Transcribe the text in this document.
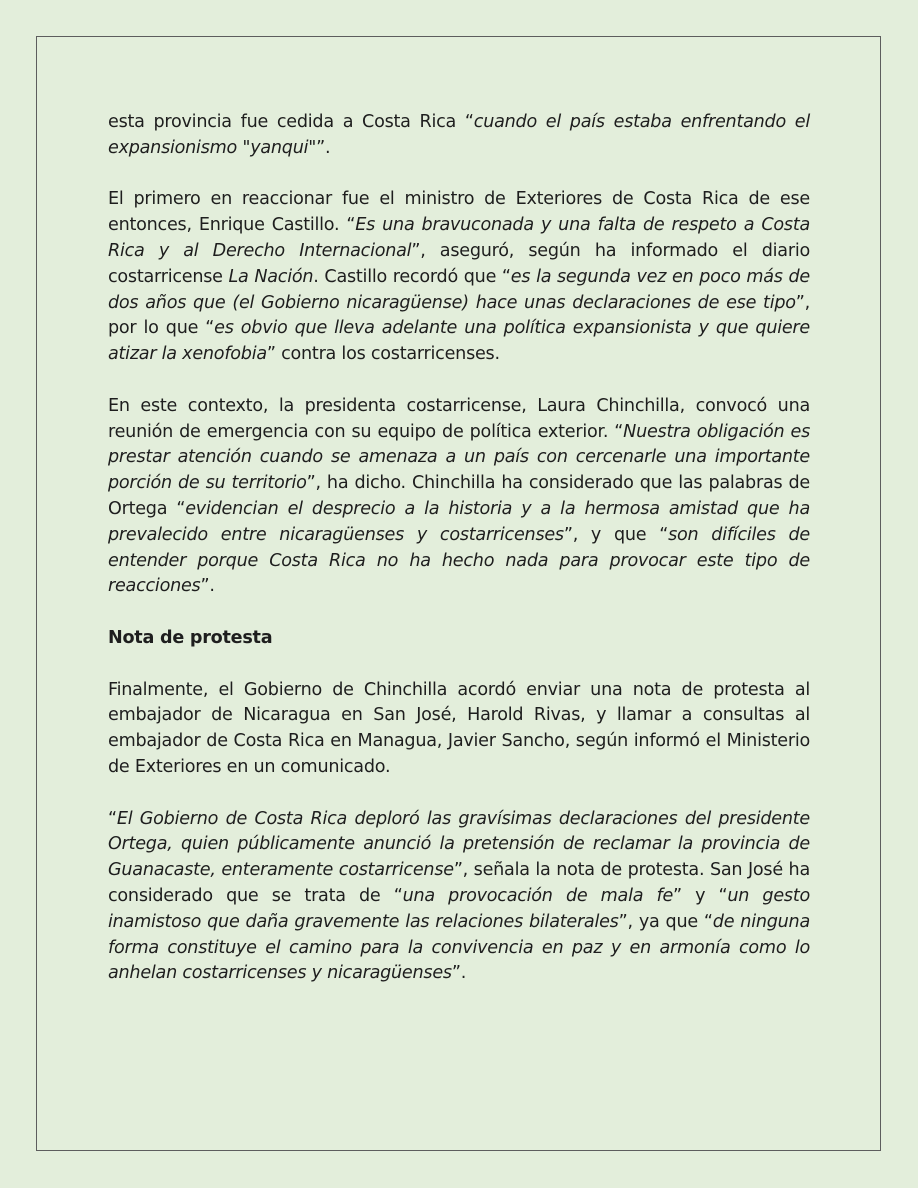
esta provincia fue cedida a Costa Rica “cuando el país estaba enfrentando el expansionismo "yanqui"”.

El primero en reaccionar fue el ministro de Exteriores de Costa Rica de ese entonces, Enrique Castillo. “Es una bravuconada y una falta de respeto a Costa Rica y al Derecho Internacional”, aseguró, según ha informado el diario costarricense La Nación. Castillo recordó que “es la segunda vez en poco más de dos años que (el Gobierno nicaragüense) hace unas declaraciones de ese tipo”, por lo que “es obvio que lleva adelante una política expansionista y que quiere atizar la xenofobia” contra los costarricenses.

En este contexto, la presidenta costarricense, Laura Chinchilla, convocó una reunión de emergencia con su equipo de política exterior. “Nuestra obligación es prestar atención cuando se amenaza a un país con cercenarle una importante porción de su territorio”, ha dicho. Chinchilla ha considerado que las palabras de Ortega “evidencian el desprecio a la historia y a la hermosa amistad que ha prevalecido entre nicaragüenses y costarricenses”, y que “son difíciles de entender porque Costa Rica no ha hecho nada para provocar este tipo de reacciones”.

Nota de protesta

Finalmente, el Gobierno de Chinchilla acordó enviar una nota de protesta al embajador de Nicaragua en San José, Harold Rivas, y llamar a consultas al embajador de Costa Rica en Managua, Javier Sancho, según informó el Ministerio de Exteriores en un comunicado.

“El Gobierno de Costa Rica deploró las gravísimas declaraciones del presidente Ortega, quien públicamente anunció la pretensión de reclamar la provincia de Guanacaste, enteramente costarricense”, señala la nota de protesta. San José ha considerado que se trata de “una provocación de mala fe” y “un gesto inamistoso que daña gravemente las relaciones bilaterales”, ya que “de ninguna forma constituye el camino para la convivencia en paz y en armonía como lo anhelan costarricenses y nicaragüenses”.
